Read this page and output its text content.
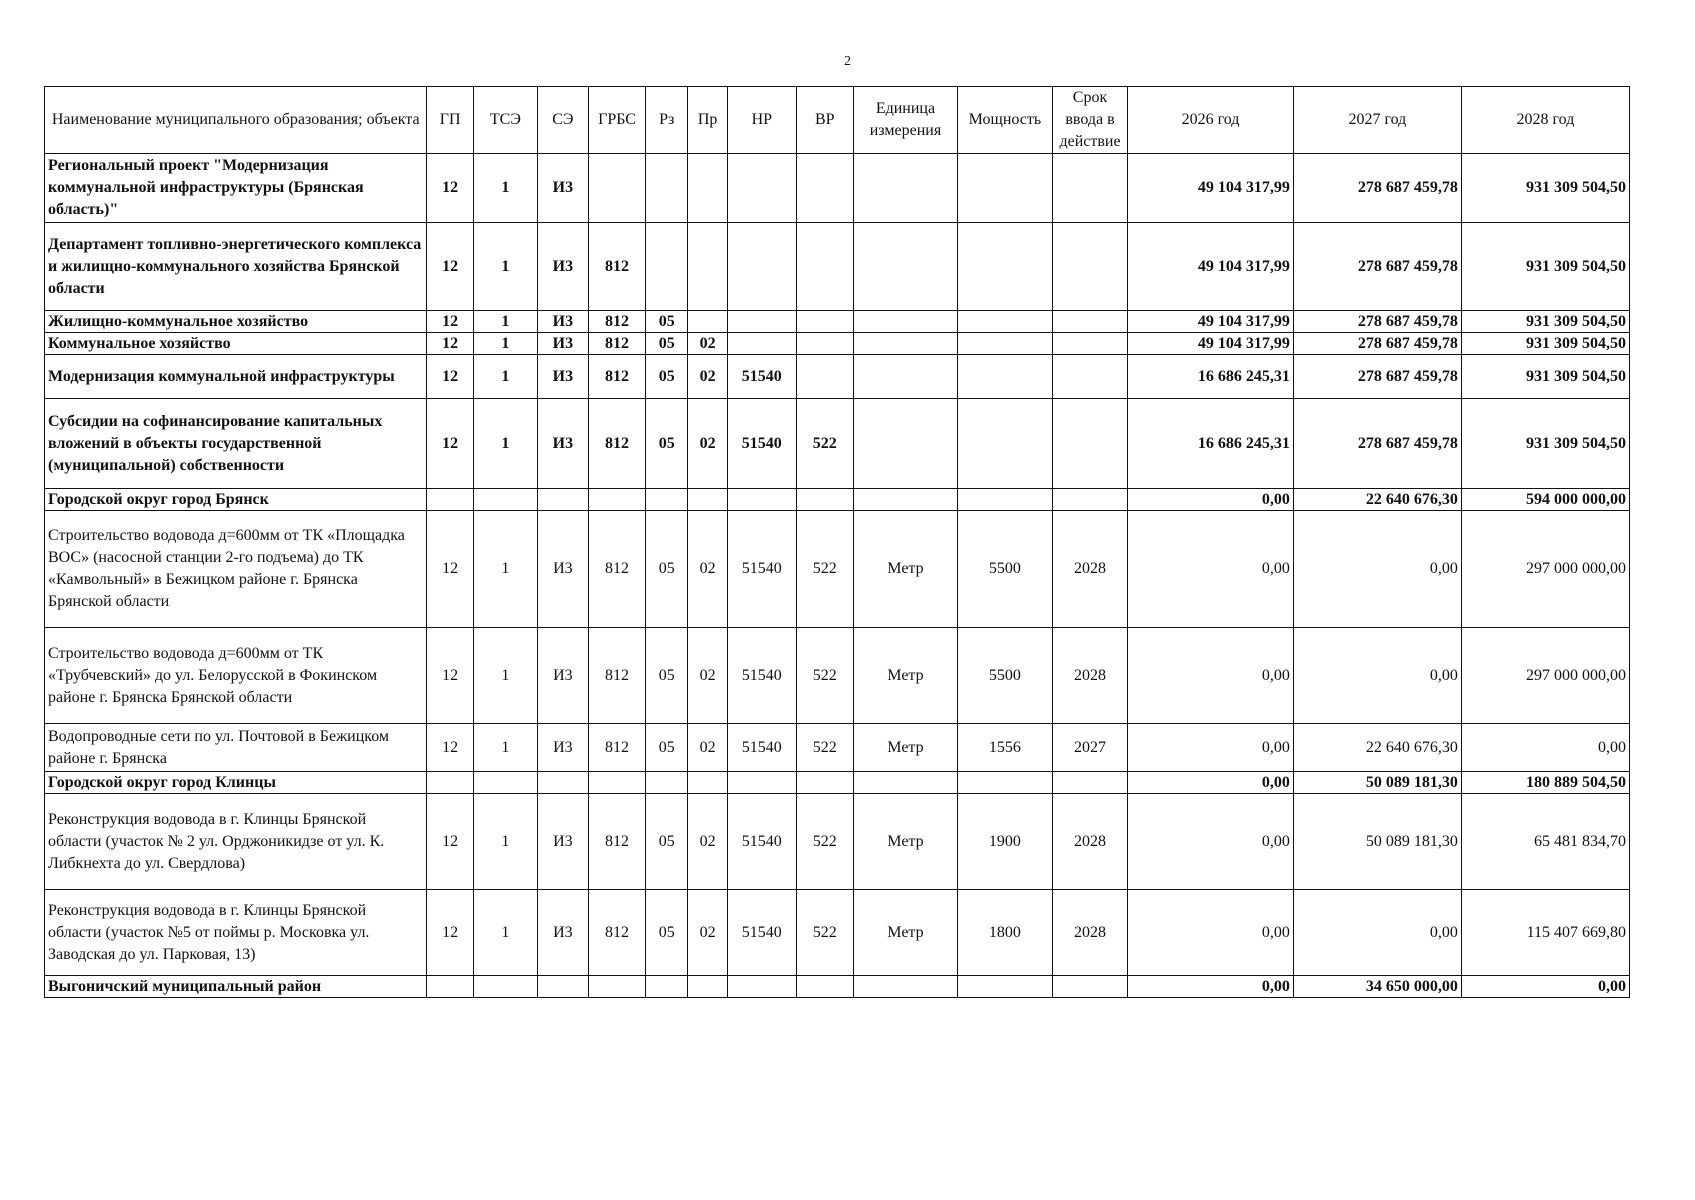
2
Наименование муниципального образования; объекта	ГП	ТСЭ	СЭ	ГРБС	Рз	Пр	НР	ВР	Единица измерения	Мощность	Срок ввода в действие	2026 год	2027 год	2028 год
Региональный проект "Модернизация коммунальной инфраструктуры (Брянская область)"	12	1	И3									49 104 317,99	278 687 459,78	931 309 504,50
Департамент топливно-энергетического комплекса и жилищно-коммунального хозяйства Брянской области	12	1	И3	812								49 104 317,99	278 687 459,78	931 309 504,50
Жилищно-коммунальное хозяйство	12	1	И3	812	05							49 104 317,99	278 687 459,78	931 309 504,50
Коммунальное хозяйство	12	1	И3	812	05	02						49 104 317,99	278 687 459,78	931 309 504,50
Модернизация коммунальной инфраструктуры	12	1	И3	812	05	02	51540					16 686 245,31	278 687 459,78	931 309 504,50
Субсидии на софинансирование капитальных вложений в объекты государственной (муниципальной) собственности	12	1	И3	812	05	02	51540	522				16 686 245,31	278 687 459,78	931 309 504,50
Городской округ город Брянск												0,00	22 640 676,30	594 000 000,00
Строительство водовода д=600мм от ТК «Площадка ВОС» (насосной станции 2-го подъема) до ТК «Камвольный» в Бежицком районе г. Брянска Брянской области	12	1	И3	812	05	02	51540	522	Метр	5500	2028	0,00	0,00	297 000 000,00
Строительство водовода д=600мм от ТК «Трубчевский» до ул. Белорусской в Фокинском районе г. Брянска Брянской области	12	1	И3	812	05	02	51540	522	Метр	5500	2028	0,00	0,00	297 000 000,00
Водопроводные сети по ул. Почтовой в Бежицком районе г. Брянска	12	1	И3	812	05	02	51540	522	Метр	1556	2027	0,00	22 640 676,30	0,00
Городской округ город Клинцы												0,00	50 089 181,30	180 889 504,50
Реконструкция водовода в г. Клинцы Брянской области (участок № 2 ул. Орджоникидзе от ул. К. Либкнехта до ул. Свердлова)	12	1	И3	812	05	02	51540	522	Метр	1900	2028	0,00	50 089 181,30	65 481 834,70
Реконструкция водовода в г. Клинцы Брянской области (участок №5 от поймы р. Московка ул. Заводская до ул. Парковая, 13)	12	1	И3	812	05	02	51540	522	Метр	1800	2028	0,00	0,00	115 407 669,80
Выгоничский муниципальный район												0,00	34 650 000,00	0,00
